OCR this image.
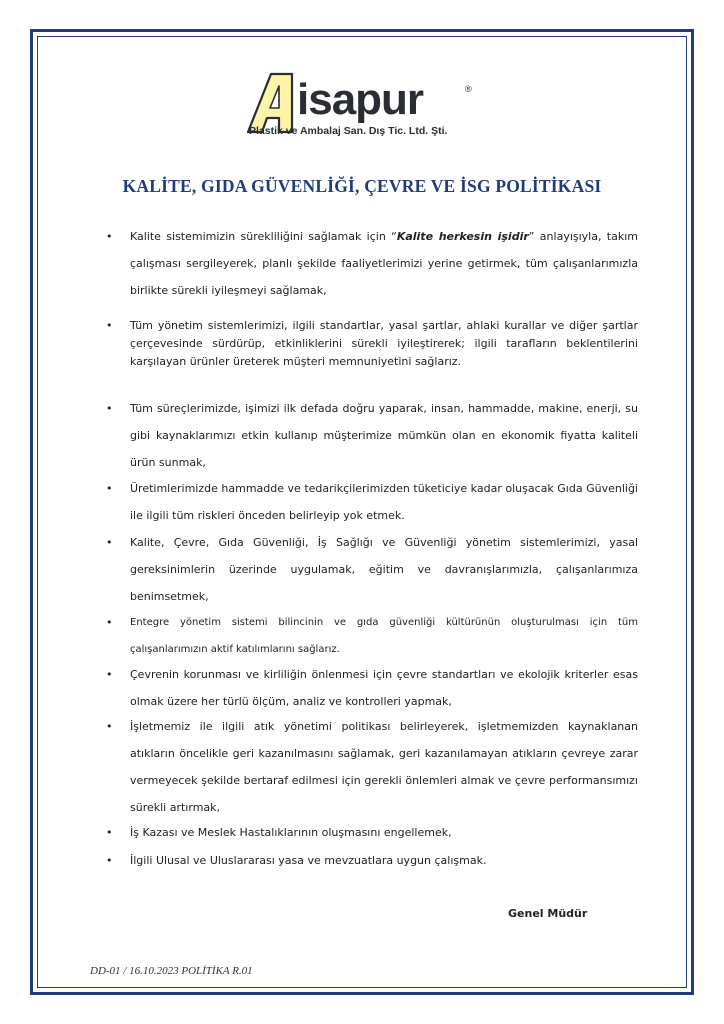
isapur	®
Plastik ve Ambalaj San. Dış Tic. Ltd. Şti.
KALİTE, GIDA GÜVENLİĞİ, ÇEVRE VE İSG POLİTİKASI
• Kalite sistemimizin sürekliliğini sağlamak için “Kalite herkesin işidir” anlayışıyla, takım çalışması sergileyerek, planlı şekilde faaliyetlerimizi yerine getirmek, tüm çalışanlarımızla birlikte sürekli iyileşmeyi sağlamak,
• Tüm yönetim sistemlerimizi, ilgili standartlar, yasal şartlar, ahlaki kurallar ve diğer şartlar çerçevesinde sürdürüp, etkinliklerini sürekli iyileştirerek; ilgili tarafların beklentilerini karşılayan ürünler üreterek müşteri memnuniyetini sağlarız.
• Tüm süreçlerimizde, işimizi ilk defada doğru yaparak, insan, hammadde, makine, enerji, su gibi kaynaklarımızı etkin kullanıp müşterimize mümkün olan en ekonomik fiyatta kaliteli ürün sunmak,
• Üretimlerimizde hammadde ve tedarikçilerimizden tüketiciye kadar oluşacak Gıda Güvenliği ile ilgili tüm riskleri önceden belirleyip yok etmek.
• Kalite, Çevre, Gıda Güvenliği, İş Sağlığı ve Güvenliği yönetim sistemlerimizi, yasal gereksinimlerin üzerinde uygulamak, eğitim ve davranışlarımızla, çalışanlarımıza benimsetmek,
• Entegre yönetim sistemi bilincinin ve gıda güvenliği kültürünün oluşturulması için tüm çalışanlarımızın aktif katılımlarını sağlarız.
• Çevrenin korunması ve kirliliğin önlenmesi için çevre standartları ve ekolojik kriterler esas olmak üzere her türlü ölçüm, analiz ve kontrolleri yapmak,
• İşletmemiz ile ilgili atık yönetimi politikası belirleyerek, işletmemizden kaynaklanan atıkların öncelikle geri kazanılmasını sağlamak, geri kazanılamayan atıkların çevreye zarar vermeyecek şekilde bertaraf edilmesi için gerekli önlemleri almak ve çevre performansımızı sürekli artırmak,
• İş Kazası ve Meslek Hastalıklarının oluşmasını engellemek,
• İlgili Ulusal ve Uluslararası yasa ve mevzuatlara uygun çalışmak.
Genel Müdür
DD-01 / 16.10.2023 POLİTİKA R.01
